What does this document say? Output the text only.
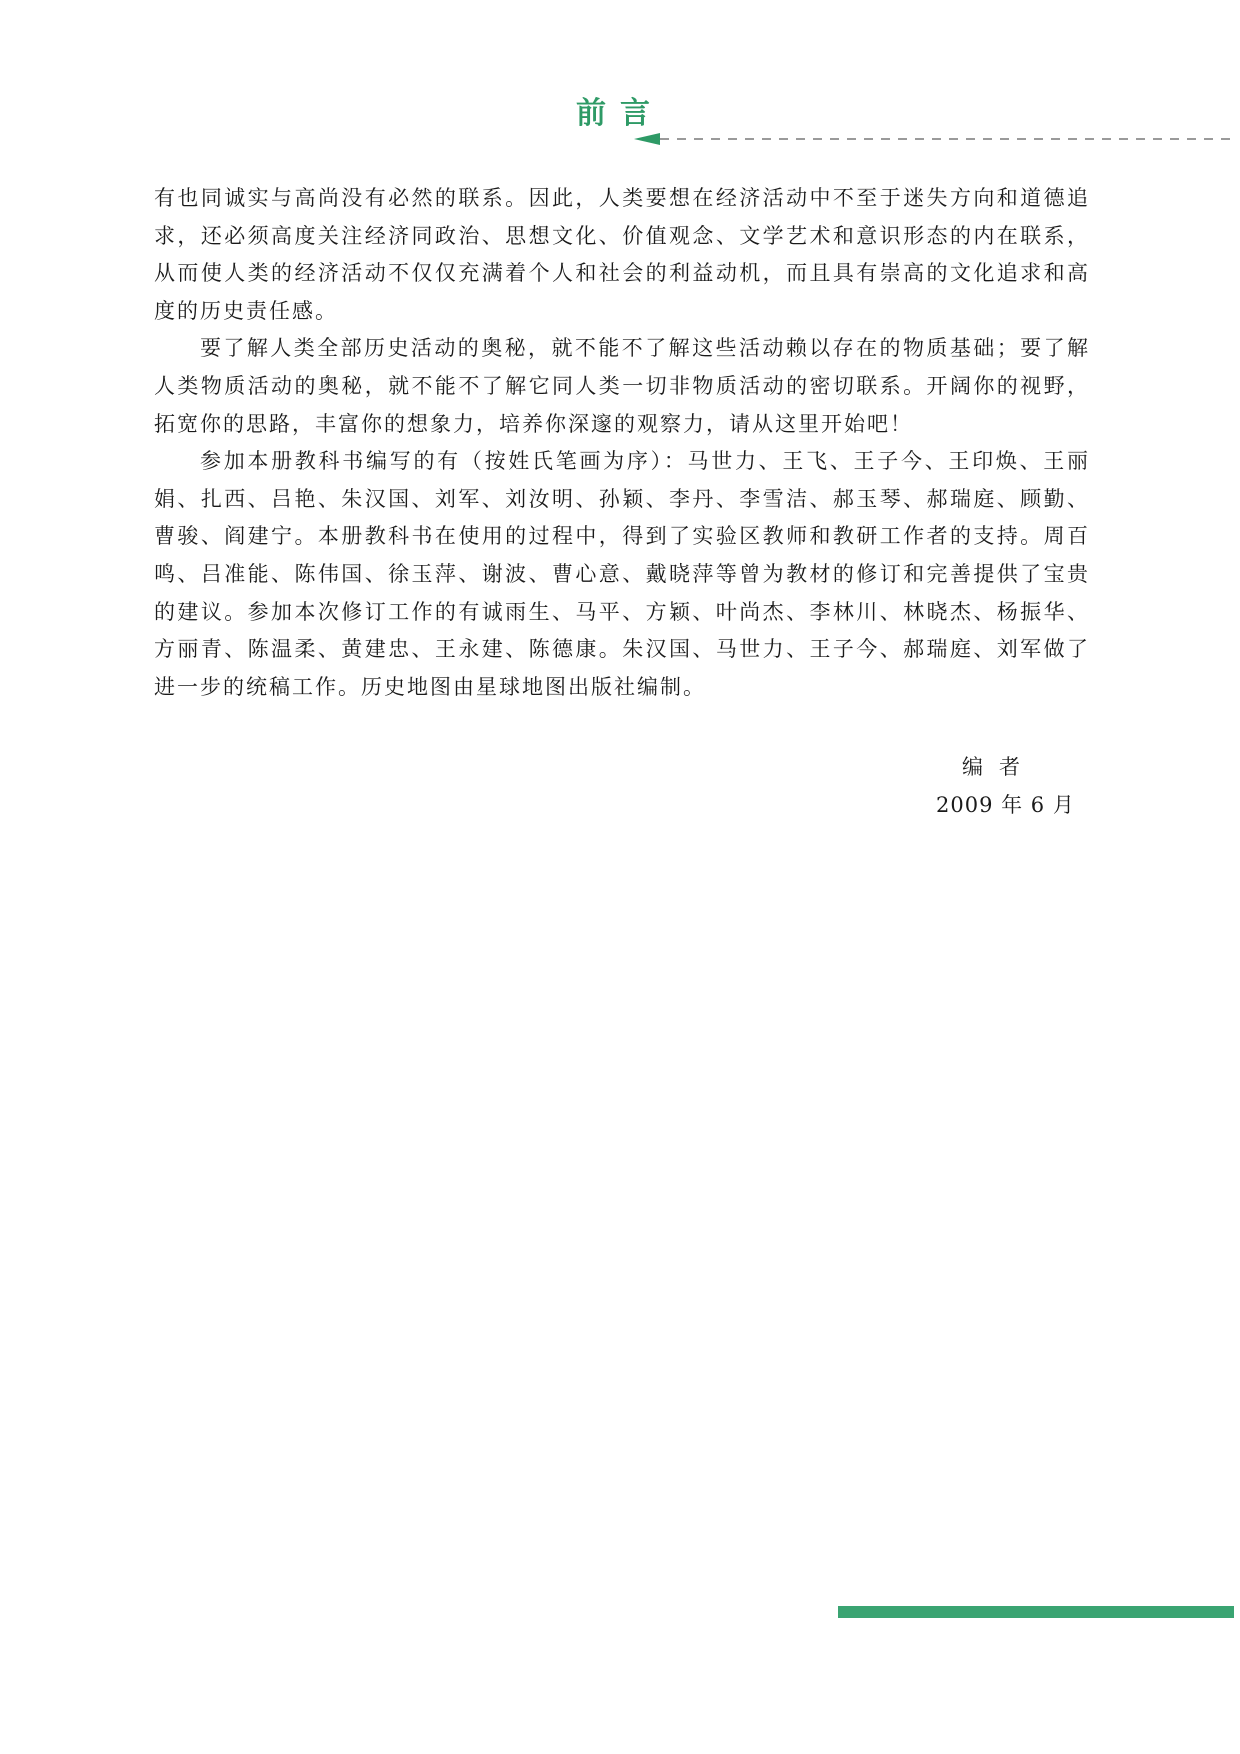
前言

有也同诚实与高尚没有必然的联系。因此，人类要想在经济活动中不至于迷失方向和道德追求，还必须高度关注经济同政治、思想文化、价值观念、文学艺术和意识形态的内在联系，从而使人类的经济活动不仅仅充满着个人和社会的利益动机，而且具有崇高的文化追求和高度的历史责任感。

要了解人类全部历史活动的奥秘，就不能不了解这些活动赖以存在的物质基础；要了解人类物质活动的奥秘，就不能不了解它同人类一切非物质活动的密切联系。开阔你的视野，拓宽你的思路，丰富你的想象力，培养你深邃的观察力，请从这里开始吧！

参加本册教科书编写的有（按姓氏笔画为序）：马世力、王飞、王子今、王印焕、王丽娟、扎西、吕艳、朱汉国、刘军、刘汝明、孙颖、李丹、李雪洁、郝玉琴、郝瑞庭、顾勤、曹骏、阎建宁。本册教科书在使用的过程中，得到了实验区教师和教研工作者的支持。周百鸣、吕准能、陈伟国、徐玉萍、谢波、曹心意、戴晓萍等曾为教材的修订和完善提供了宝贵的建议。参加本次修订工作的有诚雨生、马平、方颖、叶尚杰、李林川、林晓杰、杨振华、方丽青、陈温柔、黄建忠、王永建、陈德康。朱汉国、马世力、王子今、郝瑞庭、刘军做了进一步的统稿工作。历史地图由星球地图出版社编制。

编者
2009 年 6 月
